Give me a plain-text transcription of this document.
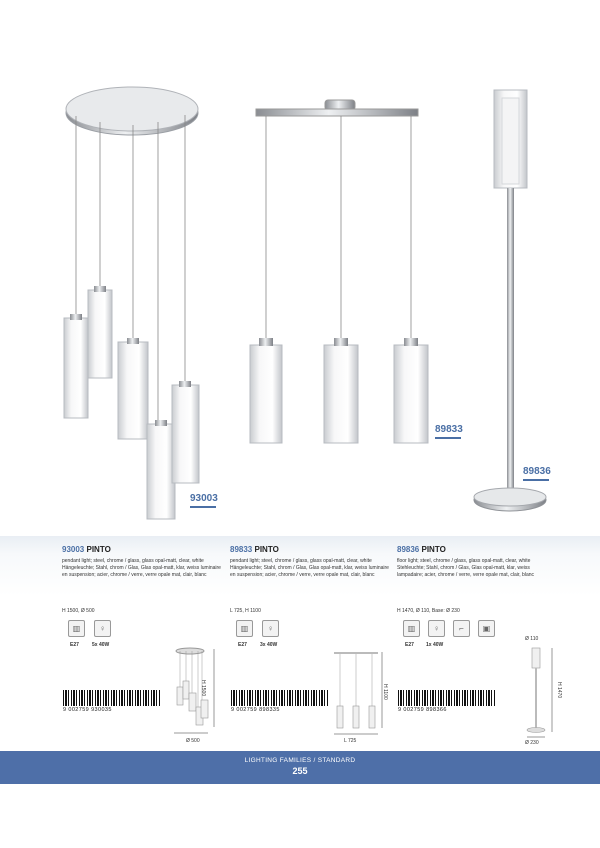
93003
89833
89836
93003 PINTO
pendant light; steel, chrome / glass, glass opal-matt, clear, white Hängeleuchte; Stahl, chrom / Glas, Glas opal-matt, klar, weiss luminaire en suspension; acier, chrome / verre, verre opale mat, clair, blanc
H 1500, Ø 500
▥	♀
E27	5x 40W
9 002759 930035
H 1500
Ø 500
89833 PINTO
pendant light; steel, chrome / glass, glass opal-matt, clear, white Hängeleuchte; Stahl, chrom / Glas, Glas opal-matt, klar, weiss luminaire en suspension; acier, chrome / verre, verre opale mat, clair, blanc
L 725, H 1100
▥	♀
E27	3x 40W
9 002759 898335
H 1100
L 725
89836 PINTO
floor light; steel, chrome / glass, glass opal-matt, clear, white Stehleuchte; Stahl, chrom / Glas, Glas opal-matt, klar, weiss lampadaire; acier, chrome / verre, verre opale mat, clair, blanc
H 1470, Ø 110, Base: Ø 230
▥	♀	⌐	▣
E27 1x 40W
9 002759 898366
Ø 110
H 1470
Ø 230
LIGHTING FAMILIES / STANDARD
255
